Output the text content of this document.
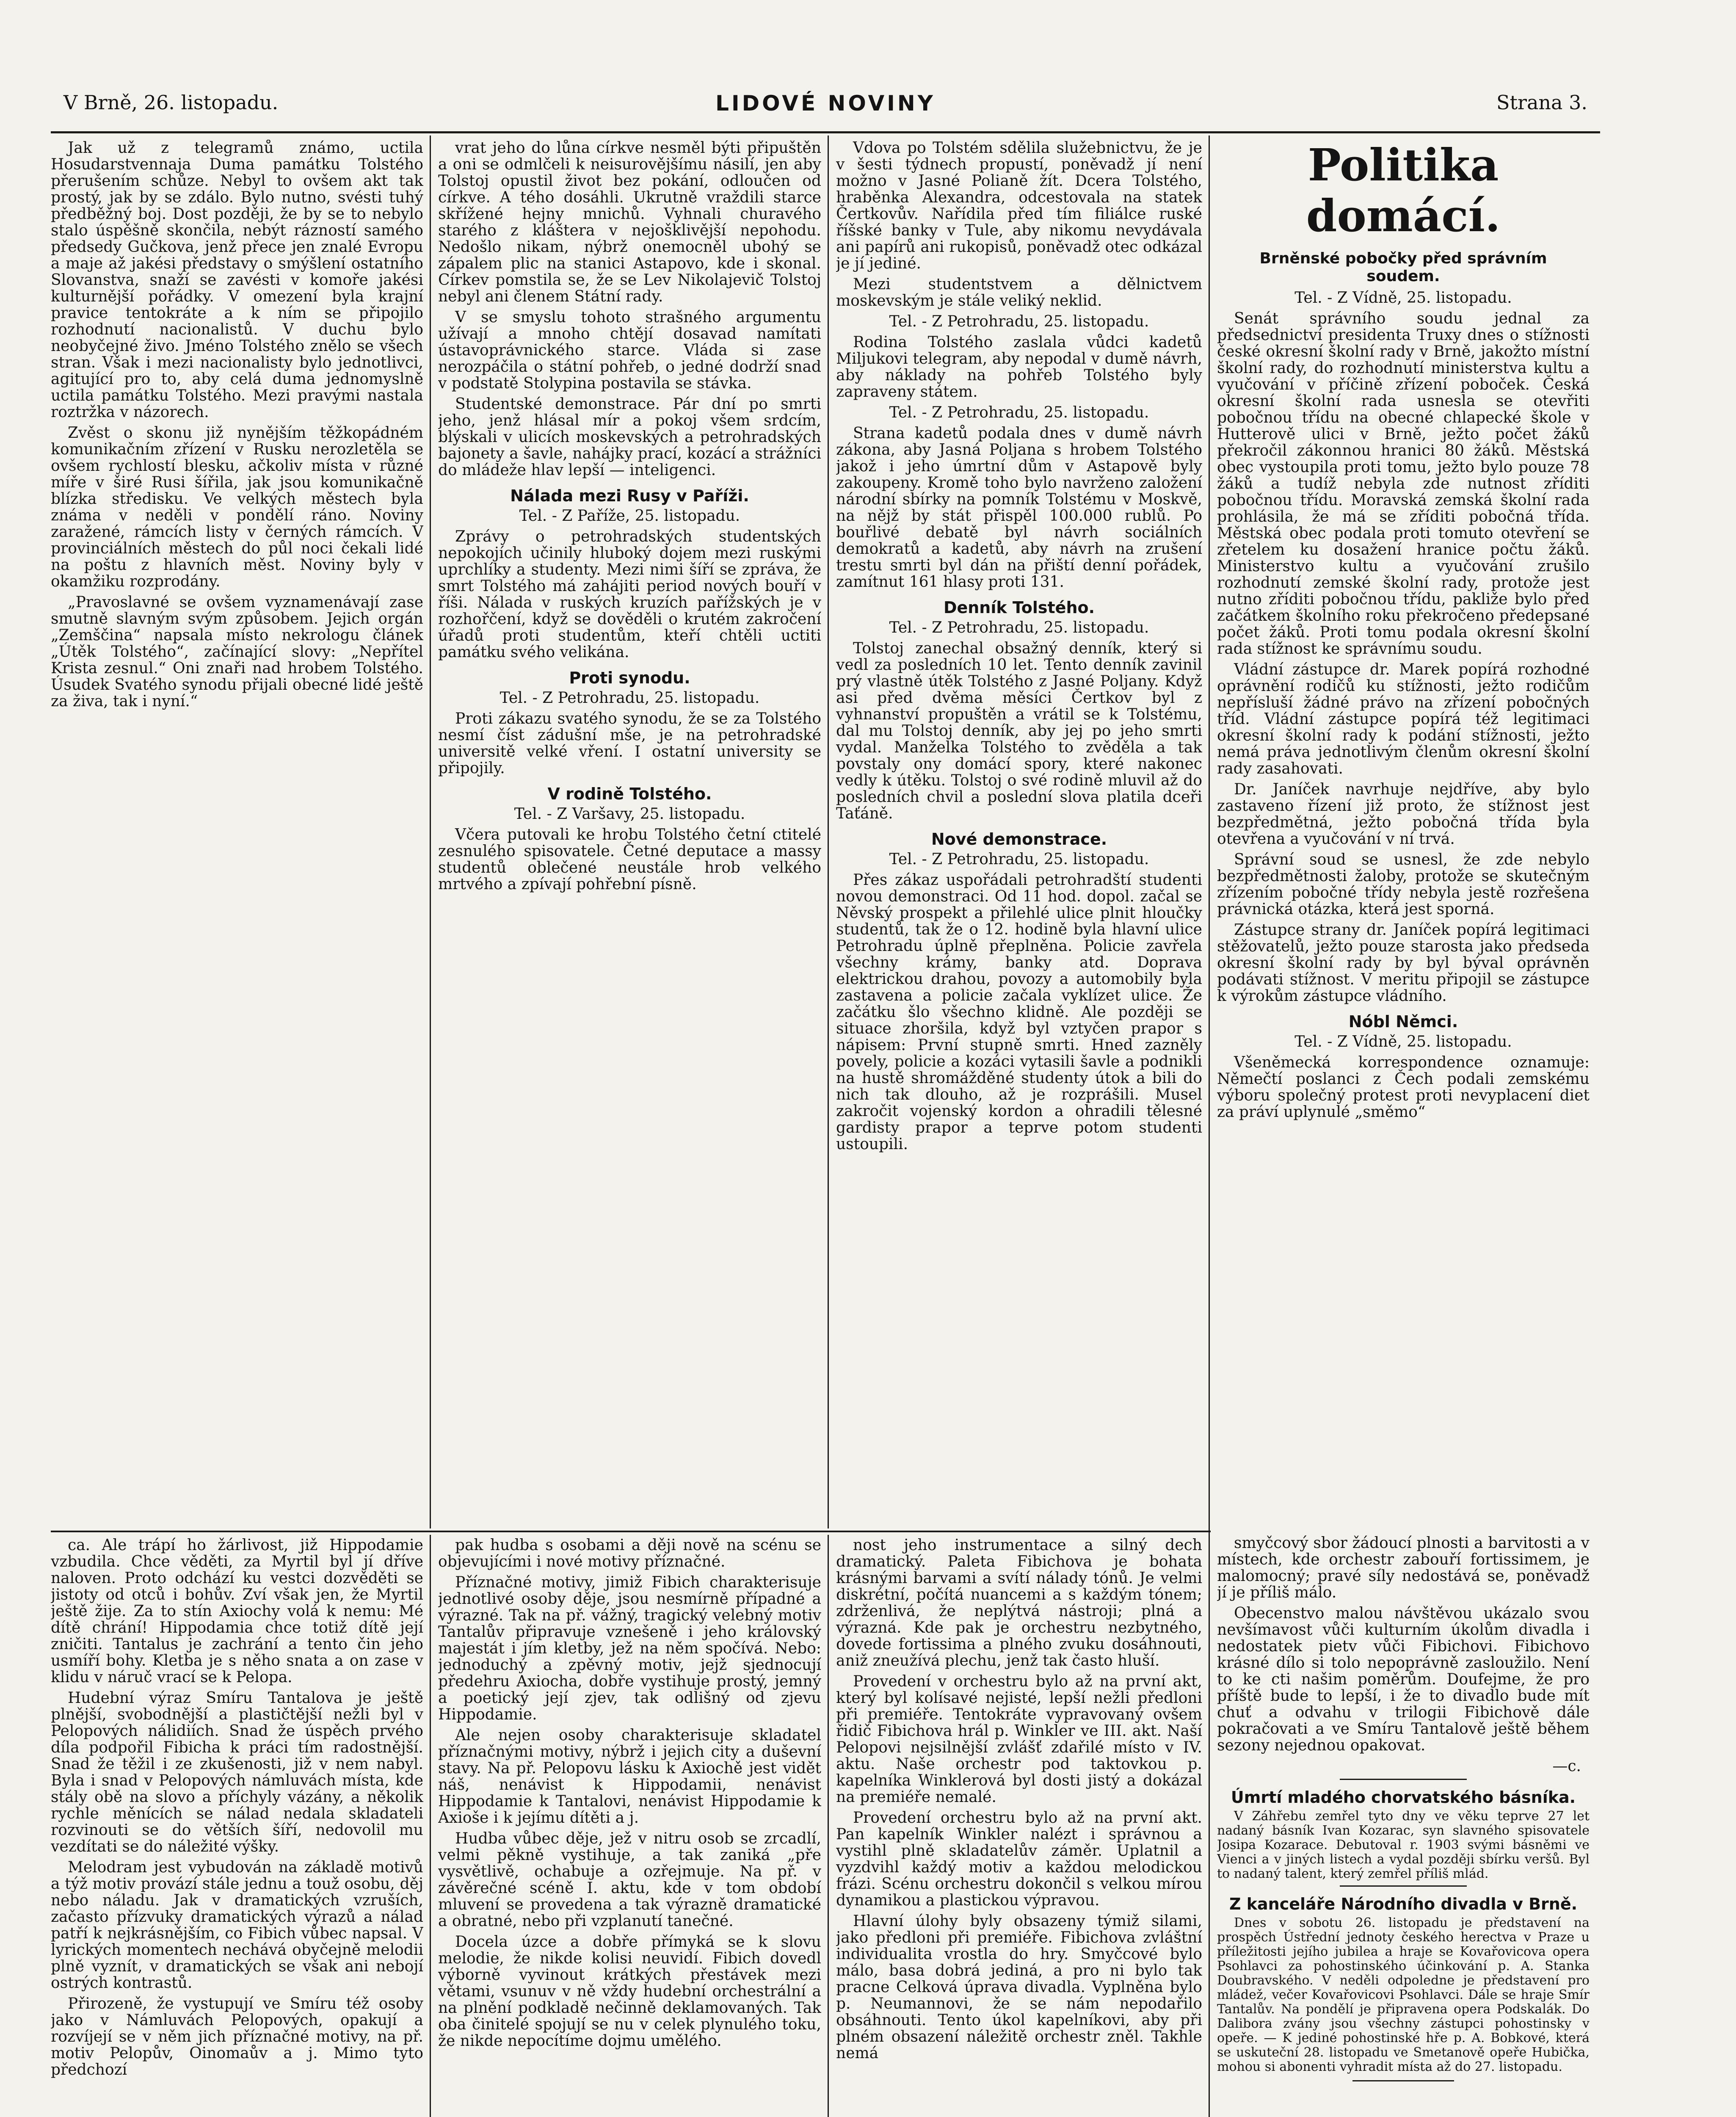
V Brně, 26. listopadu.	LIDOVÉ NOVINY	Strana 3.

Jak už z telegramů známo, uctila Hosudarstvennaja Duma památku Tolstého přerušením schůze. Nebyl to ovšem akt tak prostý, jak by se zdálo. Bylo nutno, svésti tuhý předběžný boj. Dost později, že by se to nebylo stalo úspěšně skončila, nebýt rázností samého předsedy Gučkova, jenž přece jen znalé Evropu a maje až jakési představy o smýšlení ostatního Slovanstva, snaží se zavésti v komoře jakési kulturnější pořádky. V omezení byla krajní pravice tentokráte a k ním se připojilo rozhodnutí nacionalistů. V duchu bylo neobyčejné živo. Jméno Tolstého znělo se všech stran. Však i mezi nacionalisty bylo jednotlivci, agitující pro to, aby celá duma jednomyslně uctila památku Tolstého. Mezi pravými nastala roztržka v názorech.

Zvěst o skonu již nynějším těžkopádném komunikačním zřízení v Rusku nerozletěla se ovšem rychlostí blesku, ačkoliv místa v různé míře v širé Rusi šířila, jak jsou komunikačně blízka středisku. Ve velkých městech byla známa v neděli v pondělí ráno. Noviny zaražené, rámcích listy v černých rámcích. V provinciálních městech do půl noci čekali lidé na poštu z hlavních měst. Noviny byly v okamžiku rozprodány.

„Pravoslavné se ovšem vyznamenávají zase smutně slavným svým způsobem. Jejich orgán „Zemščina“ napsala místo nekrologu článek „Útěk Tolstého“, začínající slovy: „Nepřítel Krista zesnul.“ Oni znaři nad hrobem Tolstého. Úsudek Svatého synodu přijali obecné lidé ještě za živa, tak i nyní.“

vrat jeho do lůna církve nesměl býti připuštěn a oni se odmlčeli k neisurovějšímu násilí, jen aby Tolstoj opustil život bez pokání, odloučen od církve. A tého dosáhli. Ukrutně vraždili starce skřížené hejny mnichů. Vyhnali churavého starého z kláštera v nejošklivější nepohodu. Nedošlo nikam, nýbrž onemocněl ubohý se zápalem plic na stanici Astapovo, kde i skonal. Církev pomstila se, že se Lev Nikolajevič Tolstoj nebyl ani členem Státní rady.

V se smyslu tohoto strašného argumentu užívají a mnoho chtějí dosavad namítati ústavoprávnického starce. Vláda si zase nerozpáčila o státní pohřeb, o jedné dodrží snad v podstatě Stolypina postavila se stávka.

Studentské demonstrace. Pár dní po smrti jeho, jenž hlásal mír a pokoj všem srdcím, blýskali v ulicích moskevských a petrohradských bajonety a šavle, nahájky prací, kozácí a strážníci do mládeže hlav lepší — inteligenci.

Nálada mezi Rusy v Paříži.
Tel. - Z Paříže, 25. listopadu.

Zprávy o petrohradských studentských nepokojích učinily hluboký dojem mezi ruskými uprchlíky a studenty. Mezi nimi šíří se zpráva, že smrt Tolstého má zahájiti period nových bouří v říši. Nálada v ruských kruzích pařížských je v rozhořčení, když se dověděli o krutém zakročení úřadů proti studentům, kteří chtěli uctiti památku svého velikána.

Proti synodu.
Tel. - Z Petrohradu, 25. listopadu.

Proti zákazu svatého synodu, že se za Tolstého nesmí číst zádušní mše, je na petrohradské universitě velké vření. I ostatní university se připojily.

V rodině Tolstého.
Tel. - Z Varšavy, 25. listopadu.

Včera putovali ke hrobu Tolstého četní ctitelé zesnulého spisovatele. Četné deputace a massy studentů oblečené neustále hrob velkého mrtvého a zpívají pohřební písně.

Vdova po Tolstém sdělila služebnictvu, že je v šesti týdnech propustí, poněvadž jí není možno v Jasné Polianě žít. Dcera Tolstého, hraběnka Alexandra, odcestovala na statek Čertkovův. Nařídila před tím filiálce ruské říšské banky v Tule, aby nikomu nevydávala ani papírů ani rukopisů, poněvadž otec odkázal je jí jediné.

Mezi studentstvem a dělnictvem moskevským je stále veliký neklid.

Tel. - Z Petrohradu, 25. listopadu.

Rodina Tolstého zaslala vůdci kadetů Miljukovi telegram, aby nepodal v dumě návrh, aby náklady na pohřeb Tolstého byly zapraveny státem.

Tel. - Z Petrohradu, 25. listopadu.

Strana kadetů podala dnes v dumě návrh zákona, aby Jasná Poljana s hrobem Tolstého jakož i jeho úmrtní dům v Astapově byly zakoupeny. Kromě toho bylo navrženo založení národní sbírky na pomník Tolstému v Moskvě, na nějž by stát přispěl 100.000 rublů. Po bouřlivé debatě byl návrh sociálních demokratů a kadetů, aby návrh na zrušení trestu smrti byl dán na přiští denní pořádek, zamítnut 161 hlasy proti 131.

Denník Tolstého.
Tel. - Z Petrohradu, 25. listopadu.

Tolstoj zanechal obsažný denník, který si vedl za posledních 10 let. Tento denník zavinil prý vlastně útěk Tolstého z Jasné Poljany. Když asi před dvěma měsíci Čertkov byl z vyhnanství propuštěn a vrátil se k Tolstému, dal mu Tolstoj denník, aby jej po jeho smrti vydal. Manželka Tolstého to zvěděla a tak povstaly ony domácí spory, které nakonec vedly k útěku. Tolstoj o své rodině mluvil až do posledních chvil a poslední slova platila dceři Taťáně.

Nové demonstrace.
Tel. - Z Petrohradu, 25. listopadu.

Přes zákaz uspořádali petrohradští studenti novou demonstraci. Od 11 hod. dopol. začal se Něvský prospekt a přilehlé ulice plnit hloučky studentů, tak že o 12. hodině byla hlavní ulice Petrohradu úplně přeplněna. Policie zavřela všechny krámy, banky atd. Doprava elektrickou drahou, povozy a automobily byla zastavena a policie začala vyklízet ulice. Že začátku šlo všechno klidně. Ale později se situace zhoršila, když byl vztyčen prapor s nápisem: První stupně smrti. Hned zazněly povely, policie a kozáci vytasili šavle a podnikli na hustě shromážděné studenty útok a bili do nich tak dlouho, až je rozprášili. Musel zakročit vojenský kordon a ohradili tělesné gardisty prapor a teprve potom studenti ustoupili.

Politika domácí.
Brněnské pobočky před správním soudem.
Tel. - Z Vídně, 25. listopadu.

Senát správního soudu jednal za předsednictví presidenta Truxy dnes o stížnosti české okresní školní rady v Brně, jakožto místní školní rady, do rozhodnutí ministerstva kultu a vyučování v příčině zřízení poboček. Česká okresní školní rada usnesla se otevřiti pobočnou třídu na obecné chlapecké škole v Hutterově ulici v Brně, ježto počet žáků překročil zákonnou hranici 80 žáků. Městská obec vystoupila proti tomu, ježto bylo pouze 78 žáků a tudíž nebyla zde nutnost zříditi pobočnou třídu. Moravská zemská školní rada prohlásila, že má se zříditi pobočná třída. Městská obec podala proti tomuto otevření se zřetelem ku dosažení hranice počtu žáků. Ministerstvo kultu a vyučování zrušilo rozhodnutí zemské školní rady, protože jest nutno zříditi pobočnou třídu, pakliže bylo před začátkem školního roku překročeno předepsané počet žáků. Proti tomu podala okresní školní rada stížnost ke správnímu soudu.

Vládní zástupce dr. Marek popírá rozhodné oprávnění rodičů ku stížnosti, ježto rodičům nepřísluší žádné právo na zřízení pobočných tříd. Vládní zástupce popírá též legitimaci okresní školní rady k podání stížnosti, ježto nemá práva jednotlivým členům okresní školní rady zasahovati.

Dr. Janíček navrhuje nejdříve, aby bylo zastaveno řízení již proto, že stížnost jest bezpředmětná, ježto pobočná třída byla otevřena a vyučování v ní trvá.

Správní soud se usnesl, že zde nebylo bezpředmětnosti žaloby, protože se skutečným zřízením pobočné třídy nebyla jestě rozřešena právnická otázka, která jest sporná.

Zástupce strany dr. Janíček popírá legitimaci stěžovatelů, ježto pouze starosta jako předseda okresní školní rady by byl býval oprávněn podávati stížnost. V meritu připojil se zástupce k výrokům zástupce vládního.

Nóbl Němci.
Tel. - Z Vídně, 25. listopadu.

Všeněmecká korrespondence oznamuje: Němečtí poslanci z Čech podali zemskému výboru společný protest proti nevyplacení diet za práví uplynulé „směmo“

ca. Ale trápí ho žárlivost, již Hippodamie vzbudila. Chce věděti, za Myrtil byl jí dříve naloven. Proto odchází ku vestci dozvěděti se jistoty od otců i bohův. Zví však jen, že Myrtil ještě žije. Za to stín Axiochy volá k nemu: Mé dítě chrání! Hippodamia chce totiž dítě její zničiti. Tantalus je zachrání a tento čin jeho usmíří bohy. Kletba je s něho snata a on zase v klidu v náruč vrací se k Pelopa.

Hudební výraz Smíru Tantalova je ještě plnější, svobodnější a plastičtější nežli byl v Pelopových nálidiích. Snad že úspěch prvého díla podpořil Fibicha k práci tím radostnější. Snad že těžil i ze zkušenosti, již v nem nabyl. Byla i snad v Pelopových námluvách místa, kde stály obě na slovo a příchyly vázány, a několik rychle měnících se nálad nedala skladateli rozvinouti se do větších šíří, nedovolil mu vezdítati se do náležité výšky.

Melodram jest vybudován na základě motivů a týž motiv provází stále jednu a touž osobu, děj nebo náladu. Jak v dramatických vzruších, začasto přízvuky dramatických výrazů a nálad patří k nejkrásnějším, co Fibich vůbec napsal. V lyrických momentech nechává obyčejně melodii plně vyznít, v dramatických se však ani nebojí ostrých kontrastů.

Přirozeně, že vystupují ve Smíru též osoby jako v Námluvách Pelopových, opakují a rozvíjejí se v něm jich příznačné motivy, na př. motiv Pelopův, Oinomaův a j. Mimo tyto předchozí

pak hudba s osobami a ději nově na scénu se objevujícími i nové motivy příznačné.

Příznačné motivy, jimiž Fibich charakterisuje jednotlivé osoby děje, jsou nesmírně případné a výrazné. Tak na př. vážný, tragický velebný motiv Tantalův připravuje vznešeně i jeho královský majestát i jím kletby, jež na něm spočívá. Nebo: jednoduchý a zpěvný motiv, jejž sjednocují předehru Axiocha, dobře vystihuje prostý, jemný a poetický její zjev, tak odlišný od zjevu Hippodamie.

Ale nejen osoby charakterisuje skladatel příznačnými motivy, nýbrž i jejich city a duševní stavy. Na př. Pelopovu lásku k Axiochě jest vidět náš, nenávist k Hippodamii, nenávist Hippodamie k Tantalovi, nenávist Hippodamie k Axioše i k jejímu dítěti a j.

Hudba vůbec děje, jež v nitru osob se zrcadlí, velmi pěkně vystihuje, a tak zaniká „pře vysvětlivě, ochabuje a ozřejmuje. Na př. v závěrečné scéně I. aktu, kde v tom období mluvení se provedena a tak výrazně dramatické a obratné, nebo při vzplanutí tanečné.

Docela úzce a dobře přímyká se k slovu melodie, že nikde kolisi neuvidí. Fibich dovedl výborně vyvinout krátkých přestávek mezi větami, vsunuv v ně vždy hudební orchestrální a na plnění podkladě nečinně deklamovaných. Tak oba činitelé spojují se nu v celek plynulého toku, že nikde nepocítíme dojmu umělého.

nost jeho instrumentace a silný dech dramatický. Paleta Fibichova je bohata krásnými barvami a svítí nálady tónů. Je velmi diskrétní, počítá nuancemi a s každým tónem; zdrženlivá, že neplýtvá nástroji; plná a výrazná. Kde pak je orchestru nezbytného, dovede fortissima a plného zvuku dosáhnouti, aniž zneužívá plechu, jenž tak často hluší.

Provedení v orchestru bylo až na první akt, který byl kolísavé nejisté, lepší nežli předloni při premiéře. Tentokráte vypravovaný ovšem řidič Fibichova hrál p. Winkler ve III. akt. Naší Pelopovi nejsilnější zvlášť zdařilé místo v IV. aktu. Naše orchestr pod taktovkou p. kapelníka Winklerová byl dosti jistý a dokázal na premiéře nemalé.

Provedení orchestru bylo až na první akt. Pan kapelník Winkler nalézt i správnou a vystihl plně skladatelův záměr. Uplatnil a vyzdvihl každý motiv a každou melodickou frázi. Scénu orchestru dokončil s velkou mírou dynamikou a plastickou výpravou.

Hlavní úlohy byly obsazeny týmiž silami, jako předloni při premiéře. Fibichova zvláštní individualita vrostla do hry. Smyčcové bylo málo, basa dobrá jediná, a pro ni bylo tak pracne Celková úprava divadla. Vyplněna bylo p. Neumannovi, že se nám nepodařilo obsáhnouti. Tento úkol kapelníkovi, aby při plném obsazení náležitě orchestr zněl. Takhle nemá

smyčcový sbor žádoucí plnosti a barvitosti a v místech, kde orchestr zabouří fortissimem, je malomocný; pravé síly nedostává se, poněvadž jí je příliš málo.

Obecenstvo malou návštěvou ukázalo svou nevšímavost vůči kulturním úkolům divadla i nedostatek pietv vůči Fibichovi. Fibichovo krásné dílo si tolo nepoprávně zasloužilo. Není to ke cti našim poměrům. Doufejme, že pro příště bude to lepší, i že to divadlo bude mít chuť a odvahu v trilogii Fibichově dále pokračovati a ve Smíru Tantalově ještě během sezony nejednou opakovat.

—c.
Úmrtí mladého chorvatského básníka.

V Záhřebu zemřel tyto dny ve věku teprve 27 let nadaný básník Ivan Kozarac, syn slavného spisovatele Josipa Kozarace. Debutoval r. 1903 svými básněmi ve Vienci a v jiných listech a vydal později sbírku veršů. Byl to nadaný talent, který zemřel příliš mlád.

Z kanceláře Národního divadla v Brně.

Dnes v sobotu 26. listopadu je představení na prospěch Ústřední jednoty českého herectva v Praze u příležitosti jejího jubilea a hraje se Kovařovicova opera Psohlavci za pohostinského účinkování p. A. Stanka Doubravského. V neděli odpoledne je představení pro mládež, večer Kovařovicovi Psohlavci. Dále se hraje Smír Tantalův. Na pondělí je připravena opera Podskalák. Do Dalibora zvány jsou všechny zástupci pohostinsky v opeře. — K jediné pohostinské hře p. A. Bobkové, která se uskuteční 28. listopadu ve Smetanově opeře Hubička, mohou si abonenti vyhradit místa až do 27. listopadu.
